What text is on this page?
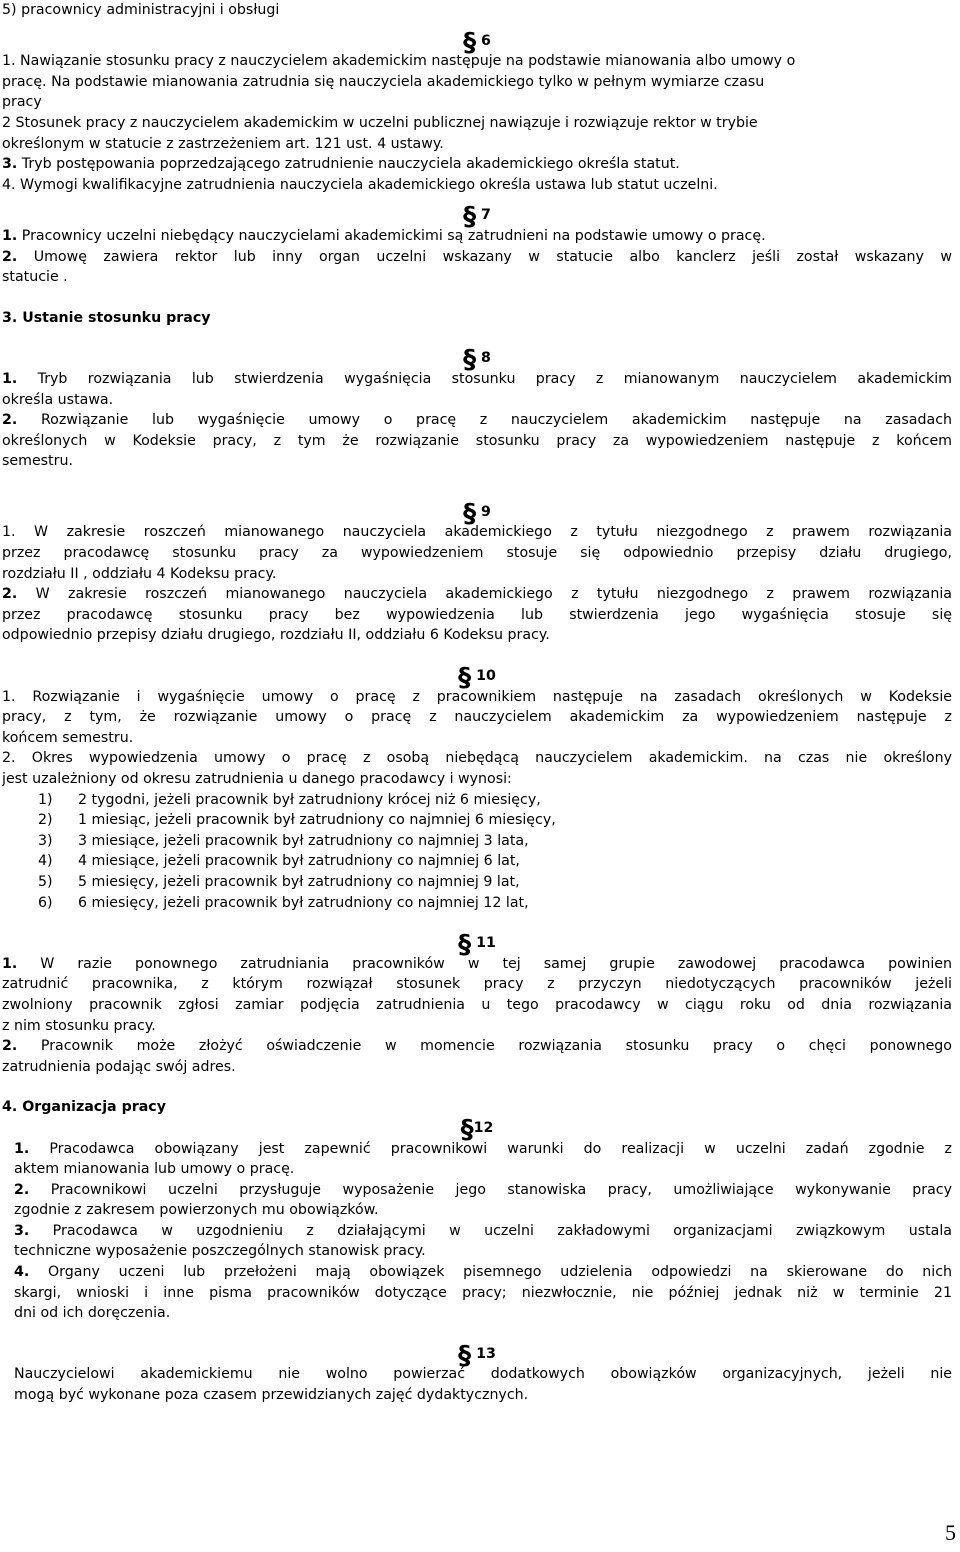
5) pracownicy administracyjni i obsługi
§ 6
1. Nawiązanie stosunku pracy z nauczycielem akademickim następuje na podstawie mianowania albo umowy o
pracę. Na podstawie mianowania zatrudnia się nauczyciela akademickiego tylko w pełnym wymiarze czasu
pracy
2 Stosunek pracy z nauczycielem akademickim w uczelni publicznej nawiązuje i rozwiązuje rektor w trybie
określonym w statucie z zastrzeżeniem art. 121 ust. 4 ustawy.
3. Tryb postępowania poprzedzającego zatrudnienie nauczyciela akademickiego określa statut.
4. Wymogi kwalifikacyjne zatrudnienia nauczyciela akademickiego określa ustawa lub statut uczelni.
§ 7
1. Pracownicy uczelni niebędący nauczycielami akademickimi są zatrudnieni na podstawie umowy o pracę.
2. Umowę zawiera rektor lub inny organ uczelni wskazany w statucie albo kanclerz jeśli został wskazany w
statucie .
3. Ustanie stosunku pracy
§ 8
1. Tryb rozwiązania lub stwierdzenia wygaśnięcia stosunku pracy z mianowanym nauczycielem akademickim
określa ustawa.
2. Rozwiązanie lub wygaśnięcie umowy o pracę z nauczycielem akademickim następuje na zasadach
określonych w Kodeksie pracy, z tym że rozwiązanie stosunku pracy za wypowiedzeniem następuje z końcem
semestru.
§ 9
1. W zakresie roszczeń mianowanego nauczyciela akademickiego z tytułu niezgodnego z prawem rozwiązania
przez pracodawcę stosunku pracy za wypowiedzeniem stosuje się odpowiednio przepisy działu drugiego,
rozdziału II , oddziału 4 Kodeksu pracy.
2. W zakresie roszczeń mianowanego nauczyciela akademickiego z tytułu niezgodnego z prawem rozwiązania
przez pracodawcę stosunku pracy bez wypowiedzenia lub stwierdzenia jego wygaśnięcia stosuje się
odpowiednio przepisy działu drugiego, rozdziału II, oddziału 6 Kodeksu pracy.
§ 10
1. Rozwiązanie i wygaśnięcie umowy o pracę z pracownikiem następuje na zasadach określonych w Kodeksie
pracy, z tym, że rozwiązanie umowy o pracę z nauczycielem akademickim za wypowiedzeniem następuje z
końcem semestru.
2. Okres wypowiedzenia umowy o pracę z osobą niebędącą nauczycielem akademickim. na czas nie określony
jest uzależniony od okresu zatrudnienia u danego pracodawcy i wynosi:
1) 2 tygodni, jeżeli pracownik był zatrudniony krócej niż 6 miesięcy,
2) 1 miesiąc, jeżeli pracownik był zatrudniony co najmniej 6 miesięcy,
3) 3 miesiące, jeżeli pracownik był zatrudniony co najmniej 3 lata,
4) 4 miesiące, jeżeli pracownik był zatrudniony co najmniej 6 lat,
5) 5 miesięcy, jeżeli pracownik był zatrudniony co najmniej 9 lat,
6) 6 miesięcy, jeżeli pracownik był zatrudniony co najmniej 12 lat,
§ 11
1. W razie ponownego zatrudniania pracowników w tej samej grupie zawodowej pracodawca powinien
zatrudnić pracownika, z którym rozwiązał stosunek pracy z przyczyn niedotyczących pracowników jeżeli
zwolniony pracownik zgłosi zamiar podjęcia zatrudnienia u tego pracodawcy w ciągu roku od dnia rozwiązania
z nim stosunku pracy.
2. Pracownik może złożyć oświadczenie w momencie rozwiązania stosunku pracy o chęci ponownego
zatrudnienia podając swój adres.
4. Organizacja pracy
§12
1. Pracodawca obowiązany jest zapewnić pracownikowi warunki do realizacji w uczelni zadań zgodnie z
aktem mianowania lub umowy o pracę.
2. Pracownikowi uczelni przysługuje wyposażenie jego stanowiska pracy, umożliwiające wykonywanie pracy
zgodnie z zakresem powierzonych mu obowiązków.
3. Pracodawca w uzgodnieniu z działającymi w uczelni zakładowymi organizacjami związkowym ustala
techniczne wyposażenie poszczególnych stanowisk pracy.
4. Organy uczeni lub przełożeni mają obowiązek pisemnego udzielenia odpowiedzi na skierowane do nich
skargi, wnioski i inne pisma pracowników dotyczące pracy; niezwłocznie, nie później jednak niż w terminie 21
dni od ich doręczenia.
§ 13
Nauczycielowi akademickiemu nie wolno powierzać dodatkowych obowiązków organizacyjnych, jeżeli nie
mogą być wykonane poza czasem przewidzianych zajęć dydaktycznych.
5
